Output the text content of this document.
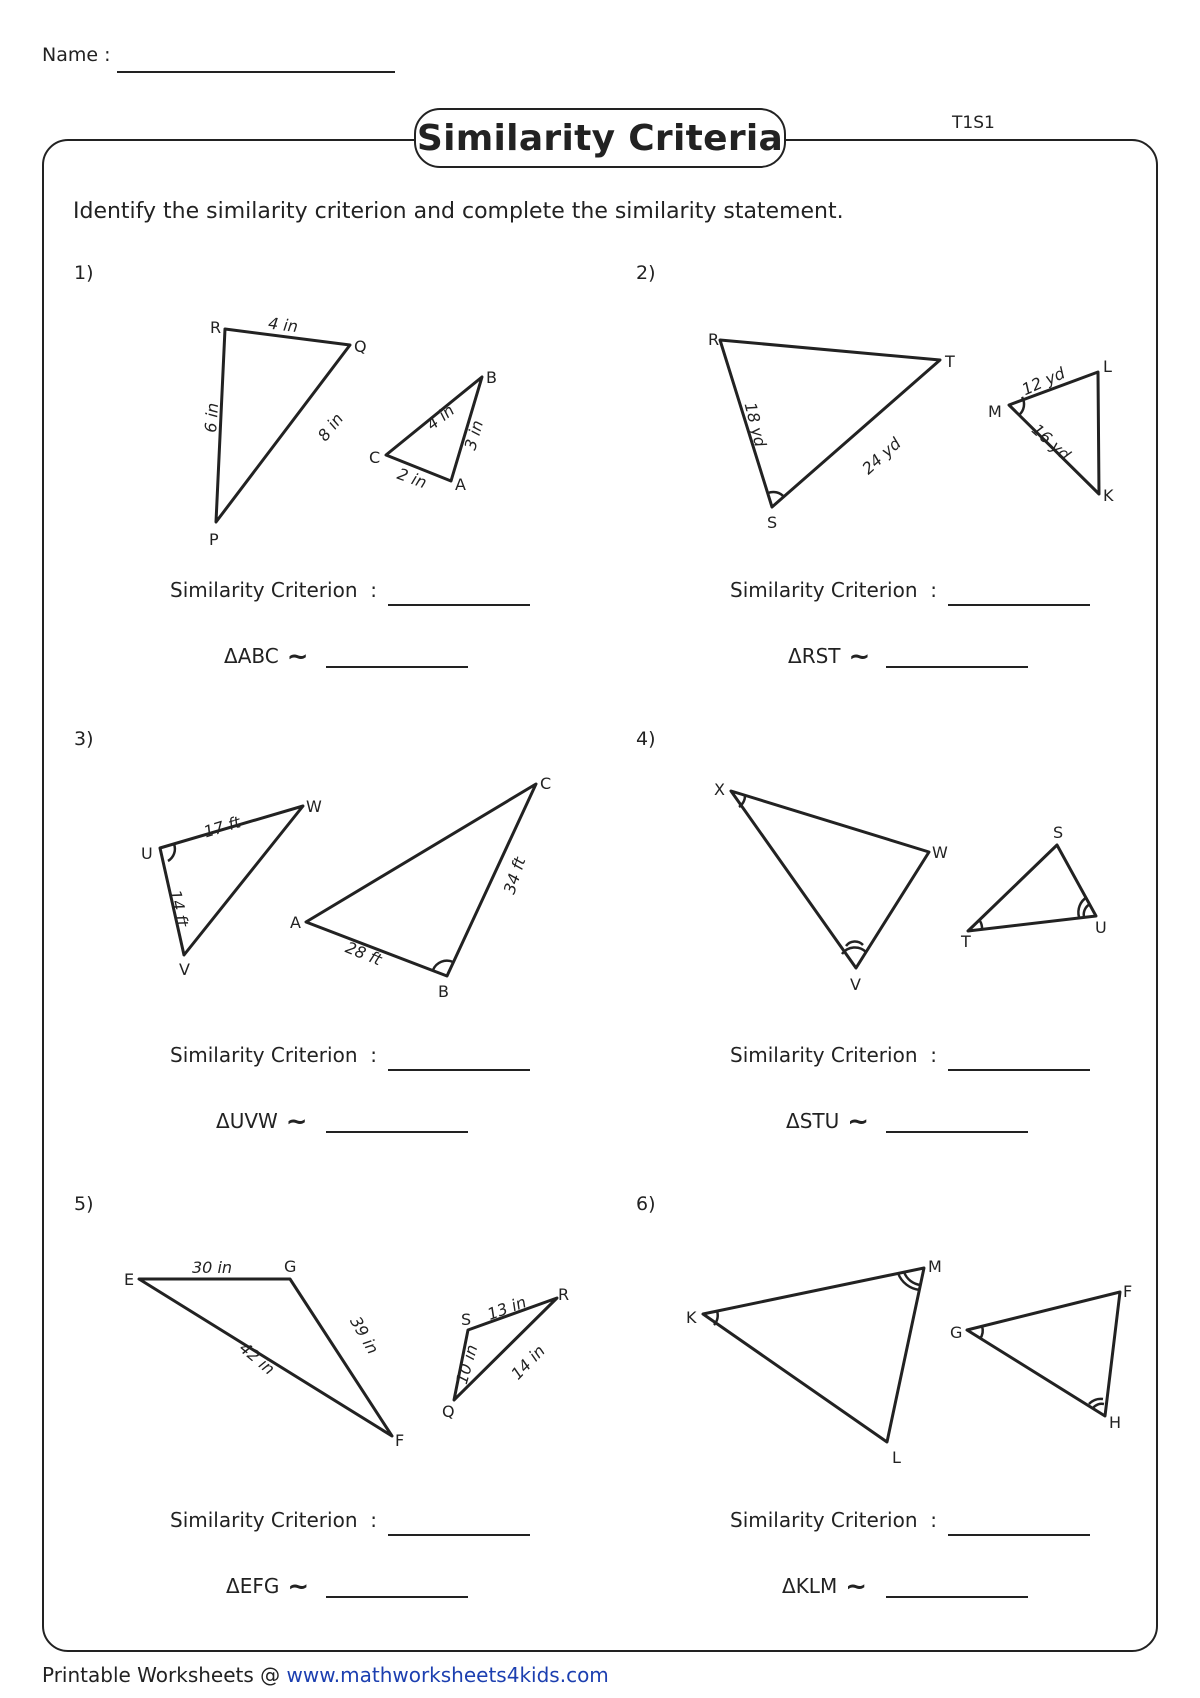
Name :
Similarity Criteria	T1S1
Identify the similarity criterion and complete the similarity statement.
1)	2)
3)	4)
5)	6)
Similarity Criterion :
ΔABC ~
Similarity Criterion :
ΔRST ~
Similarity Criterion :
ΔUVW ~
Similarity Criterion :
ΔSTU ~
Similarity Criterion :
ΔEFG ~
Similarity Criterion :
ΔKLM ~
R
Q
P
B
C
A
4 in
6 in	8 in	4 in
3 in
2 in
R
T
S
L
M
K
18 yd
24 yd
12 yd
16 yd
U
W
V
C
A
B
17 ft
14 ft
34 ft
28 ft
X
W
V
S
T
U
E
G
F
S
R
Q
30 in
39 in
42 in
13 in
10 in 14 in
M
K
L
F
G
H
Printable Worksheets @ www.mathworksheets4kids.com
